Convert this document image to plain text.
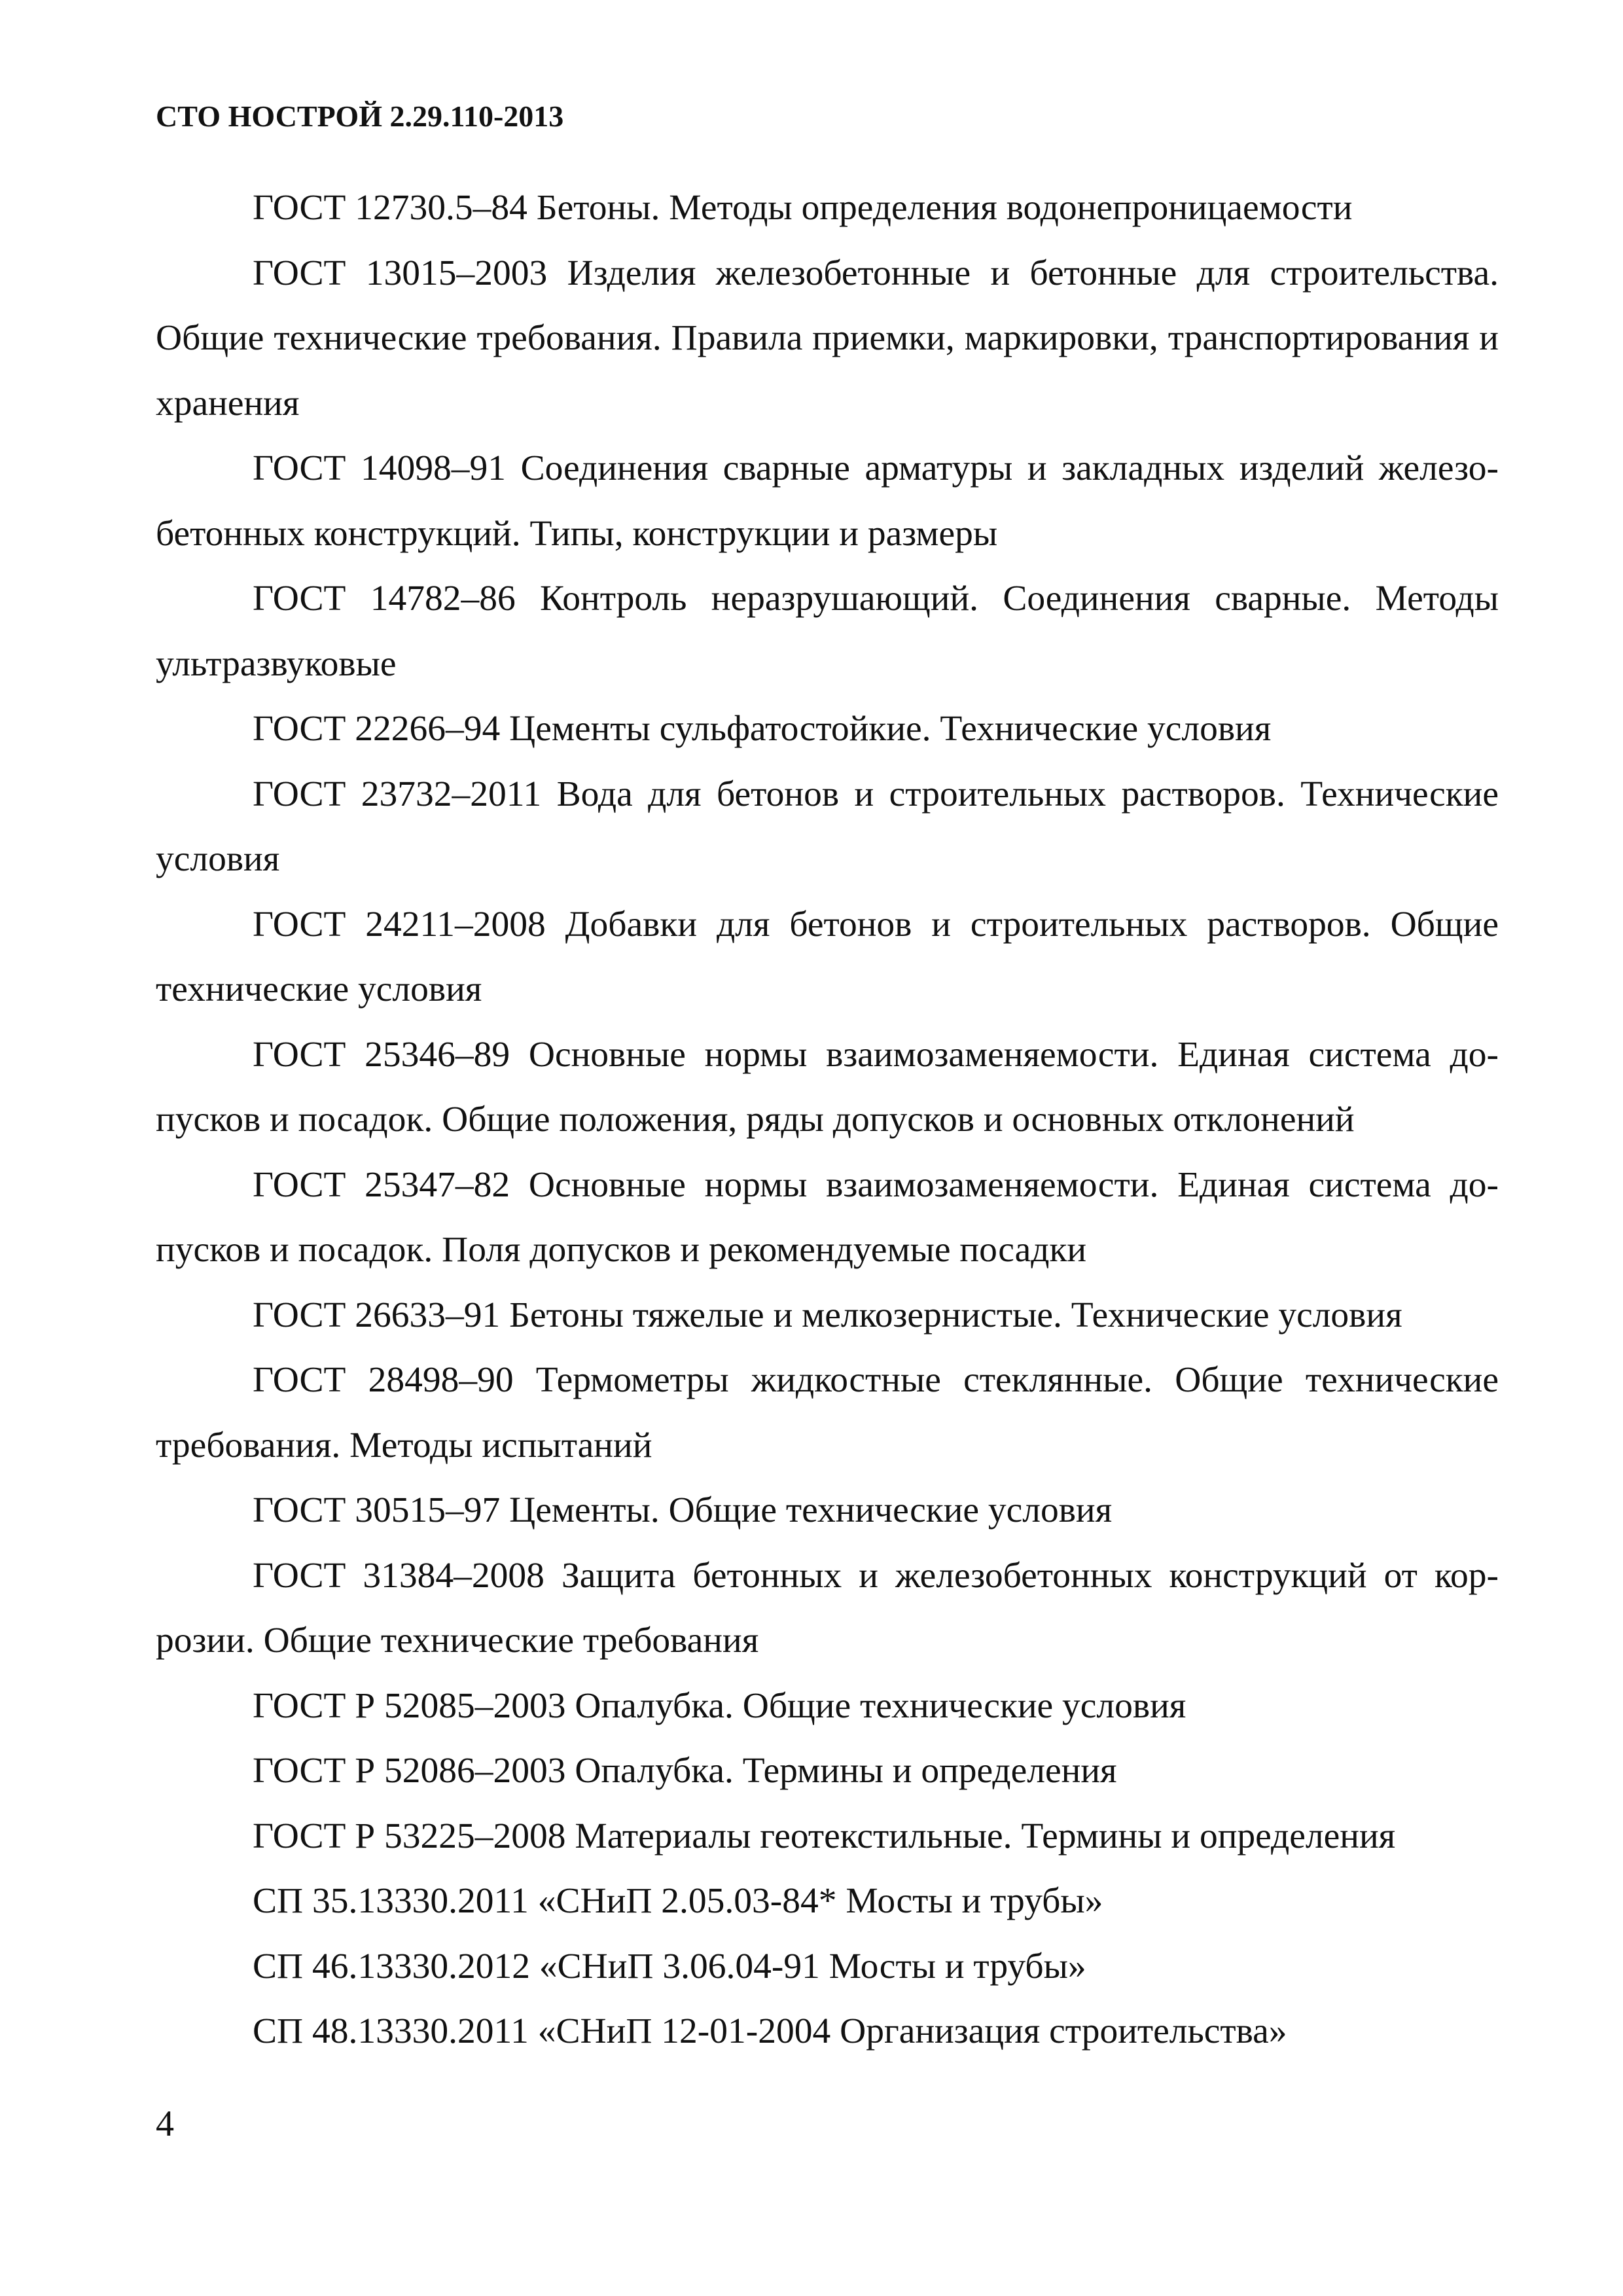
СТО НОСТРОЙ 2.29.110-2013

ГОСТ 12730.5–84 Бетоны. Методы определения водонепроницаемости

ГОСТ 13015–2003 Изделия железобетонные и бетонные для строительства. Общие технические требования. Правила приемки, маркировки, транспортирования и хранения

ГОСТ 14098–91 Соединения сварные арматуры и закладных изделий железобетонных конструкций. Типы, конструкции и размеры

ГОСТ 14782–86 Контроль неразрушающий. Соединения сварные. Методы ультразвуковые

ГОСТ 22266–94 Цементы сульфатостойкие. Технические условия

ГОСТ 23732–2011 Вода для бетонов и строительных растворов. Технические условия

ГОСТ 24211–2008 Добавки для бетонов и строительных растворов. Общие технические условия

ГОСТ 25346–89 Основные нормы взаимозаменяемости. Единая система допусков и посадок. Общие положения, ряды допусков и основных отклонений

ГОСТ 25347–82 Основные нормы взаимозаменяемости. Единая система допусков и посадок. Поля допусков и рекомендуемые посадки

ГОСТ 26633–91 Бетоны тяжелые и мелкозернистые. Технические условия

ГОСТ 28498–90 Термометры жидкостные стеклянные. Общие технические требования. Методы испытаний

ГОСТ 30515–97 Цементы. Общие технические условия

ГОСТ 31384–2008 Защита бетонных и железобетонных конструкций от коррозии. Общие технические требования

ГОСТ Р 52085–2003 Опалубка. Общие технические условия

ГОСТ Р 52086–2003 Опалубка. Термины и определения

ГОСТ Р 53225–2008 Материалы геотекстильные. Термины и определения

СП 35.13330.2011 «СНиП 2.05.03-84* Мосты и трубы»

СП 46.13330.2012 «СНиП 3.06.04-91 Мосты и трубы»

СП 48.13330.2011 «СНиП 12-01-2004 Организация строительства»

4
